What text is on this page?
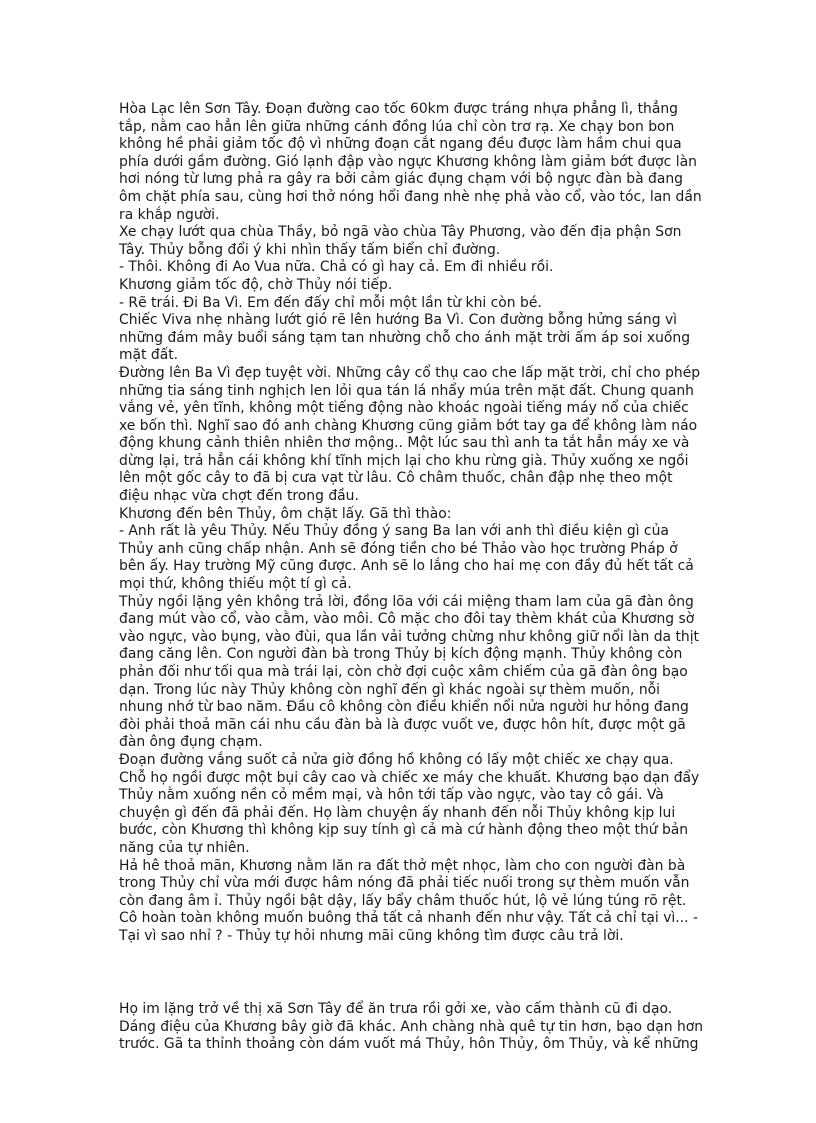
Hòa Lạc lên Sơn Tây. Đoạn đường cao tốc 60km được tráng nhựa phẳng lì, thẳng tắp, nằm cao hẳn lên giữa những cánh đồng lúa chỉ còn trơ rạ. Xe chạy bon bon không hề phải giảm tốc độ vì những đoạn cắt ngang đều được làm hầm chui qua phía dưới gầm đường. Gió lạnh đập vào ngực Khương không làm giảm bớt được làn hơi nóng từ lưng phả ra gây ra bởi cảm giác đụng chạm với bộ ngực đàn bà đang ôm chặt phía sau, cùng hơi thở nóng hổi đang nhè nhẹ phả vào cổ, vào tóc, lan dần ra khắp người.

Xe chạy lướt qua chùa Thầy, bỏ ngã vào chùa Tây Phương, vào đến địa phận Sơn Tây. Thủy bỗng đổi ý khi nhìn thấy tấm biển chỉ đường.

- Thôi. Không đi Ao Vua nữa. Chả có gì hay cả. Em đi nhiều rồi.

Khương giảm tốc độ, chờ Thủy nói tiếp.

- Rẽ trái. Đi Ba Vì. Em đến đấy chỉ mỗi một lần từ khi còn bé.

Chiếc Viva nhẹ nhàng lướt gió rẽ lên hướng Ba Vì. Con đường bỗng hửng sáng vì những đám mây buổi sáng tạm tan nhường chỗ cho ánh mặt trời ấm áp soi xuống mặt đất.

Đường lên Ba Vì đẹp tuyệt vời. Những cây cổ thụ cao che lấp mặt trời, chỉ cho phép những tia sáng tinh nghịch len lỏi qua tán lá nhẩy múa trên mặt đất. Chung quanh vắng vẻ, yên tĩnh, không một tiếng động nào khoác ngoài tiếng máy nổ của chiếc xe bốn thì. Nghĩ sao đó anh chàng Khương cũng giảm bớt tay ga để không làm náo động khung cảnh thiên nhiên thơ mộng.. Một lúc sau thì anh ta tắt hẳn máy xe và dừng lại, trả hẳn cái không khí tĩnh mịch lại cho khu rừng già. Thủy xuống xe ngồi lên một gốc cây to đã bị cưa vạt từ lâu. Cô châm thuốc, chân đập nhẹ theo một điệu nhạc vừa chợt đến trong đầu.

Khương đến bên Thủy, ôm chặt lấy. Gã thì thào:

- Anh rất là yêu Thủy. Nếu Thủy đồng ý sang Ba lan với anh thì điều kiện gì của Thủy anh cũng chấp nhận. Anh sẽ đóng tiền cho bé Thảo vào học trường Pháp ở bên ấy. Hay trường Mỹ cũng được. Anh sẽ lo lắng cho hai mẹ con đầy đủ hết tất cả mọi thứ, không thiếu một tí gì cả.

Thủy ngồi lặng yên không trả lời, đồng lõa với cái miệng tham lam của gã đàn ông đang mút vào cổ, vào cằm, vào môi. Cô mặc cho đôi tay thèm khát của Khương sờ vào ngực, vào bụng, vào đùi, qua lần vải tưởng chừng như không giữ nổi làn da thịt đang căng lên. Con người đàn bà trong Thủy bị kích động mạnh. Thủy không còn phản đối như tối qua mà trái lại, còn chờ đợi cuộc xâm chiếm của gã đàn ông bạo dạn. Trong lúc này Thủy không còn nghĩ đến gì khác ngoài sự thèm muốn, nỗi nhung nhớ từ bao năm. Đầu cô không còn điều khiển nổi nửa người hư hỏng đang đòi phải thoả mãn cái nhu cầu đàn bà là được vuốt ve, được hôn hít, được một gã đàn ông đụng chạm.

Đoạn đường vắng suốt cả nửa giờ đồng hồ không có lấy một chiếc xe chạy qua. Chỗ họ ngồi được một bụi cây cao và chiếc xe máy che khuất. Khương bạo dạn đẩy Thủy nằm xuống nền cỏ mềm mại, và hôn tới tấp vào ngực, vào tay cô gái. Và chuyện gì đến đã phải đến. Họ làm chuyện ấy nhanh đến nỗi Thủy không kịp lui bước, còn Khương thì không kịp suy tính gì cả mà cứ hành động theo một thứ bản năng của tự nhiên.

Hả hê thoả mãn, Khương nằm lăn ra đất thở mệt nhọc, làm cho con người đàn bà trong Thủy chỉ vừa mới được hâm nóng đã phải tiếc nuối trong sự thèm muốn vẫn còn đang âm ỉ. Thủy ngồi bật dậy, lấy bẩy châm thuốc hút, lộ vẻ lúng túng rõ rệt. Cô hoàn toàn không muốn buông thả tất cả nhanh đến như vậy. Tất cả chỉ tại vì... - Tại vì sao nhỉ ? - Thủy tự hỏi nhưng mãi cũng không tìm được câu trả lời.

Họ im lặng trở về thị xã Sơn Tây để ăn trưa rồi gởi xe, vào cấm thành cũ đi dạo. Dáng điệu của Khương bây giờ đã khác. Anh chàng nhà quê tự tin hơn, bạo dạn hơn trước. Gã ta thỉnh thoảng còn dám vuốt má Thủy, hôn Thủy, ôm Thủy, và kể những
